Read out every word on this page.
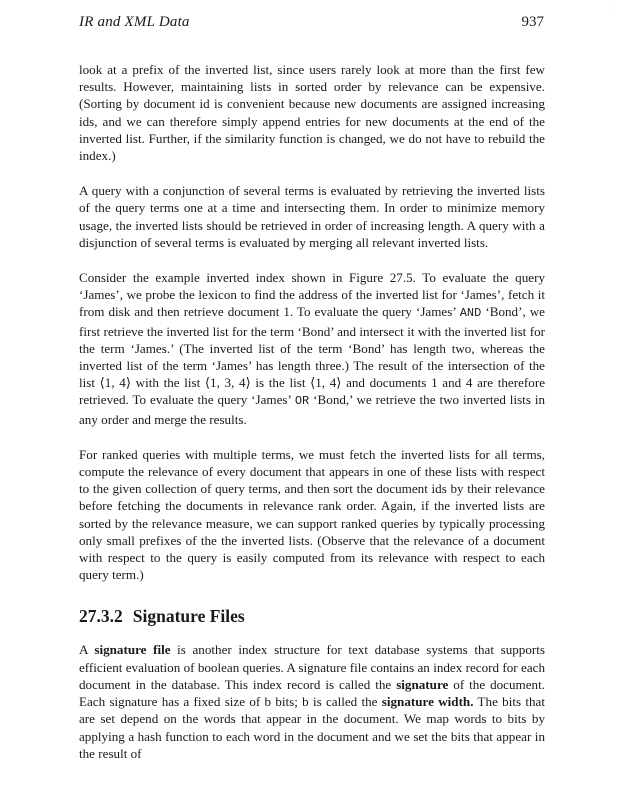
·
IR and XML Data	937

look at a prefix of the inverted list, since users rarely look at more than the first few results. However, maintaining lists in sorted order by relevance can be expensive. (Sorting by document id is convenient because new documents are assigned increasing ids, and we can therefore simply append entries for new documents at the end of the inverted list. Further, if the similarity function is changed, we do not have to rebuild the index.)

A query with a conjunction of several terms is evaluated by retrieving the inverted lists of the query terms one at a time and intersecting them. In order to minimize memory usage, the inverted lists should be retrieved in order of increasing length. A query with a disjunction of several terms is evaluated by merging all relevant inverted lists.

Consider the example inverted index shown in Figure 27.5. To evaluate the query ‘James’, we probe the lexicon to find the address of the inverted list for ‘James’, fetch it from disk and then retrieve document 1. To evaluate the query ‘James’ AND ‘Bond’, we first retrieve the inverted list for the term ‘Bond’ and intersect it with the inverted list for the term ‘James.’ (The inverted list of the term ‘Bond’ has length two, whereas the inverted list of the term ‘James’ has length three.) The result of the intersection of the list ⟨1, 4⟩ with the list ⟨1, 3, 4⟩ is the list ⟨1, 4⟩ and documents 1 and 4 are therefore retrieved. To evaluate the query ‘James’ OR ‘Bond,’ we retrieve the two inverted lists in any order and merge the results.

For ranked queries with multiple terms, we must fetch the inverted lists for all terms, compute the relevance of every document that appears in one of these lists with respect to the given collection of query terms, and then sort the document ids by their relevance before fetching the documents in relevance rank order. Again, if the inverted lists are sorted by the relevance measure, we can support ranked queries by typically processing only small prefixes of the the inverted lists. (Observe that the relevance of a document with respect to the query is easily computed from its relevance with respect to each query term.)

27.3.2 Signature Files

A signature file is another index structure for text database systems that supports efficient evaluation of boolean queries. A signature file contains an index record for each document in the database. This index record is called the signature of the document. Each signature has a fixed size of b bits; b is called the signature width. The bits that are set depend on the words that appear in the document. We map words to bits by applying a hash function to each word in the document and we set the bits that appear in the result of
